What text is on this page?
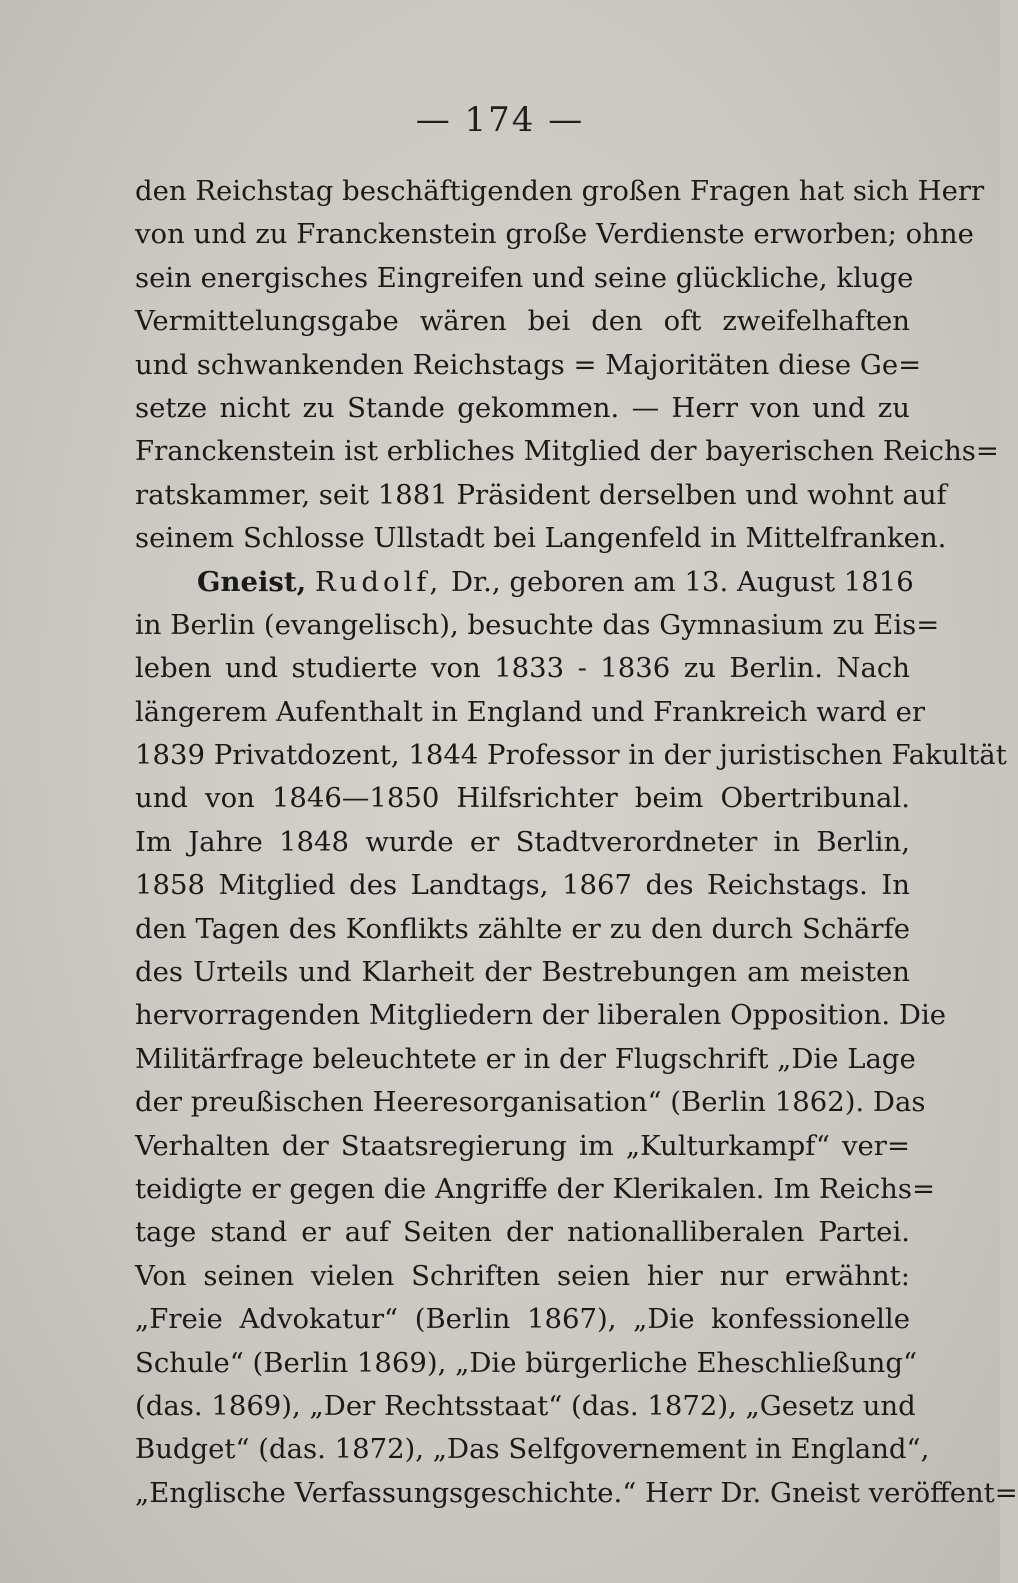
— 174 —
den Reichstag beschäftigenden großen Fragen hat sich Herr
von und zu Franckenstein große Verdienste erworben; ohne
sein energisches Eingreifen und seine glückliche, kluge
Vermittelungsgabe wären bei den oft zweifelhaften
und schwankenden Reichstags = Majoritäten diese Ge=
setze nicht zu Stande gekommen. — Herr von und zu
Franckenstein ist erbliches Mitglied der bayerischen Reichs=
ratskammer, seit 1881 Präsident derselben und wohnt auf
seinem Schlosse Ullstadt bei Langenfeld in Mittelfranken.
Gneist, Rudolf, Dr., geboren am 13. August 1816
in Berlin (evangelisch), besuchte das Gymnasium zu Eis=
leben und studierte von 1833 - 1836 zu Berlin. Nach
längerem Aufenthalt in England und Frankreich ward er
1839 Privatdozent, 1844 Professor in der juristischen Fakultät
und von 1846—1850 Hilfsrichter beim Obertribunal.
Im Jahre 1848 wurde er Stadtverordneter in Berlin,
1858 Mitglied des Landtags, 1867 des Reichstags. In
den Tagen des Konflikts zählte er zu den durch Schärfe
des Urteils und Klarheit der Bestrebungen am meisten
hervorragenden Mitgliedern der liberalen Opposition. Die
Militärfrage beleuchtete er in der Flugschrift „Die Lage
der preußischen Heeresorganisation“ (Berlin 1862). Das
Verhalten der Staatsregierung im „Kulturkampf“ ver=
teidigte er gegen die Angriffe der Klerikalen. Im Reichs=
tage stand er auf Seiten der nationalliberalen Partei.
Von seinen vielen Schriften seien hier nur erwähnt:
„Freie Advokatur“ (Berlin 1867), „Die konfessionelle
Schule“ (Berlin 1869), „Die bürgerliche Eheschließung“
(das. 1869), „Der Rechtsstaat“ (das. 1872), „Gesetz und
Budget“ (das. 1872), „Das Selfgovernement in England“,
„Englische Verfassungsgeschichte.“ Herr Dr. Gneist veröffent=
